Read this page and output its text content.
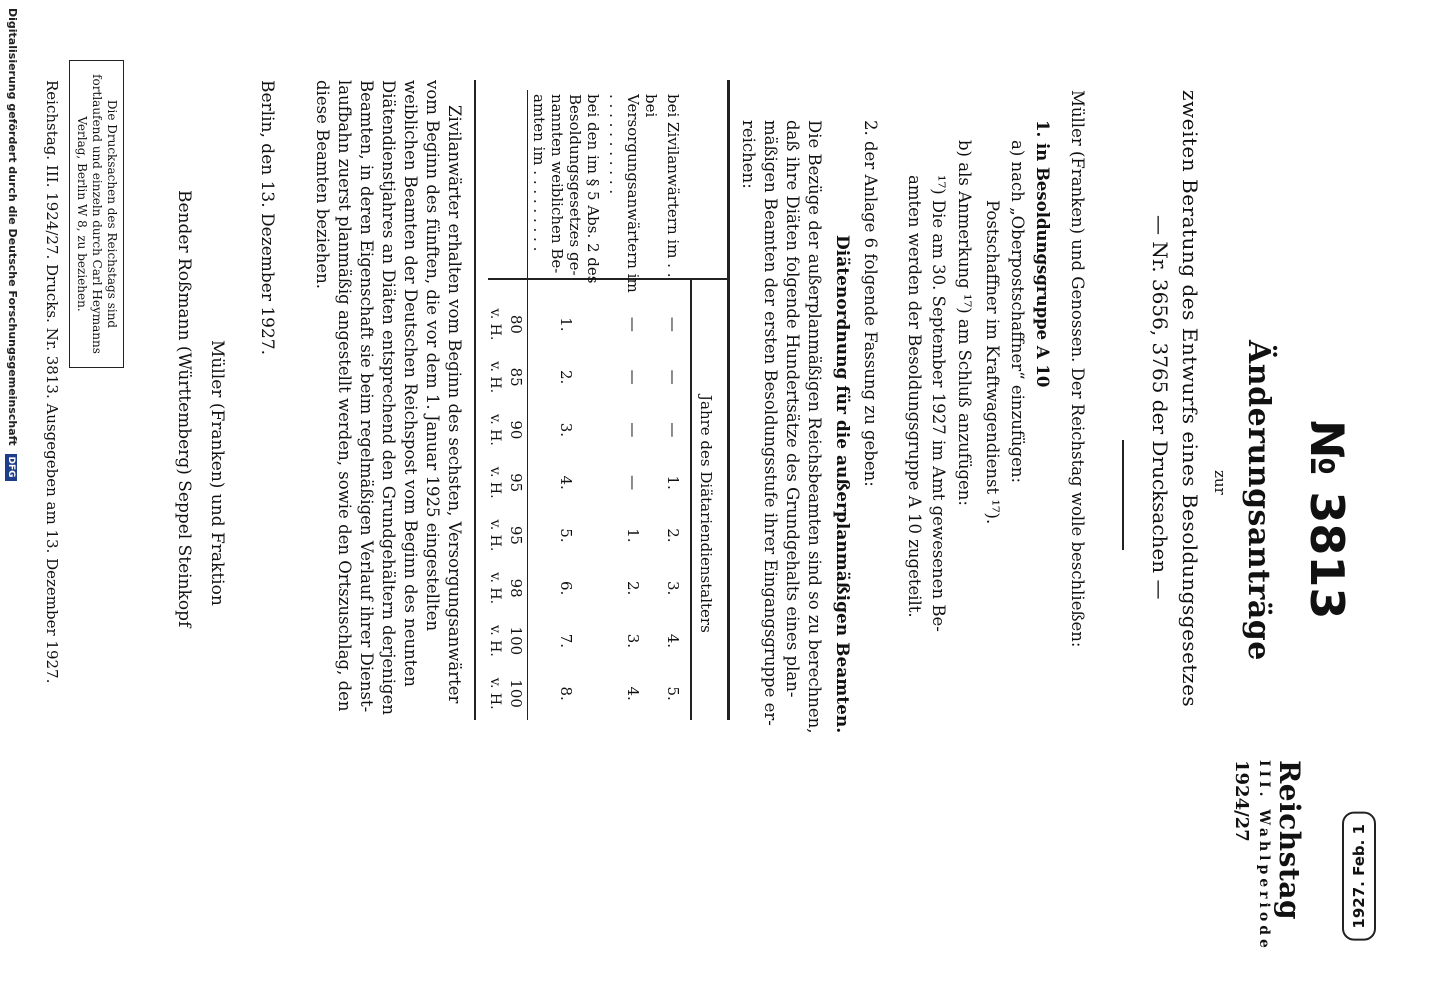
1927. Feb. 1
Reichstag
III. Wahlperiode
1924/27
№ 3813
Änderungsanträge
zur
zweiten Beratung des Entwurfs eines Besoldungsgesetzes
— Nr. 3656, 3765 der Drucksachen —
Müller (Franken) und Genossen. Der Reichstag wolle beschließen:
1. in Besoldungsgruppe A 10
a) nach „Oberpostschaffner“ einzufügen:
Postschaffner im Kraftwagendienst ¹⁷).
b) als Anmerkung ¹⁷) am Schluß anzufügen:
¹⁷) Die am 30. September 1927 im Amt gewesenen Be-
amten werden der Besoldungsgruppe A 10 zugeteilt.
2. der Anlage 6 folgende Fassung zu geben:
Diätenordnung für die außerplanmäßigen Beamten.
Die Bezüge der außerplanmäßigen Reichsbeamten sind so zu berechnen,
daß ihre Diäten folgende Hundertsätze des Grundgehalts eines plan-
mäßigen Beamten der ersten Besoldungsstufe ihrer Eingangsgruppe er-
reichen:
Jahre des Diätariendienstalters
bei Zivilanwärtern im . .	—	—	—	1.	2.	3.	4.	5.
bei Versorgungsanwärtern im . . . . . . . . . . .	—	—	—	—	1.	2.	3.	4.
bei den im § 5 Abs. 2 des Besoldungsgesetzes ge- nannten weiblichen Be- amten im . . . . . . . . .	1.	2.	3.	4.	5.	6.	7.	8.
	80	85	90	95	95	98	100	100
	v. H.	v. H.	v. H.	v. H.	v. H.	v. H.	v. H.	v. H.
Zivilanwärter erhalten vom Beginn des sechsten, Versorgungsanwärter
vom Beginn des fünften, die vor dem 1. Januar 1925 eingestellten
weiblichen Beamten der Deutschen Reichspost vom Beginn des neunten
Diätendienstjahres an Diäten entsprechend den Grundgehältern derjenigen
Beamten, in deren Eigenschaft sie beim regelmäßigen Verlauf ihrer Dienst-
laufbahn zuerst planmäßig angestellt werden, sowie den Ortszuschlag, den
diese Beamten beziehen.
Berlin, den 13. Dezember 1927.
Müller (Franken) und Fraktion
Bender Roßmann (Württemberg) Seppel Steinkopf
Die Drucksachen des Reichstags sind fortlaufend und einzeln durch Carl Heymanns Verlag, Berlin W 8, zu beziehen.
Reichstag. III. 1924/27. Drucks. Nr. 3813. Ausgegeben am 13. Dezember 1927.
Digitalisierung gefördert durch die Deutsche Forschungsgemeinschaft DFG
